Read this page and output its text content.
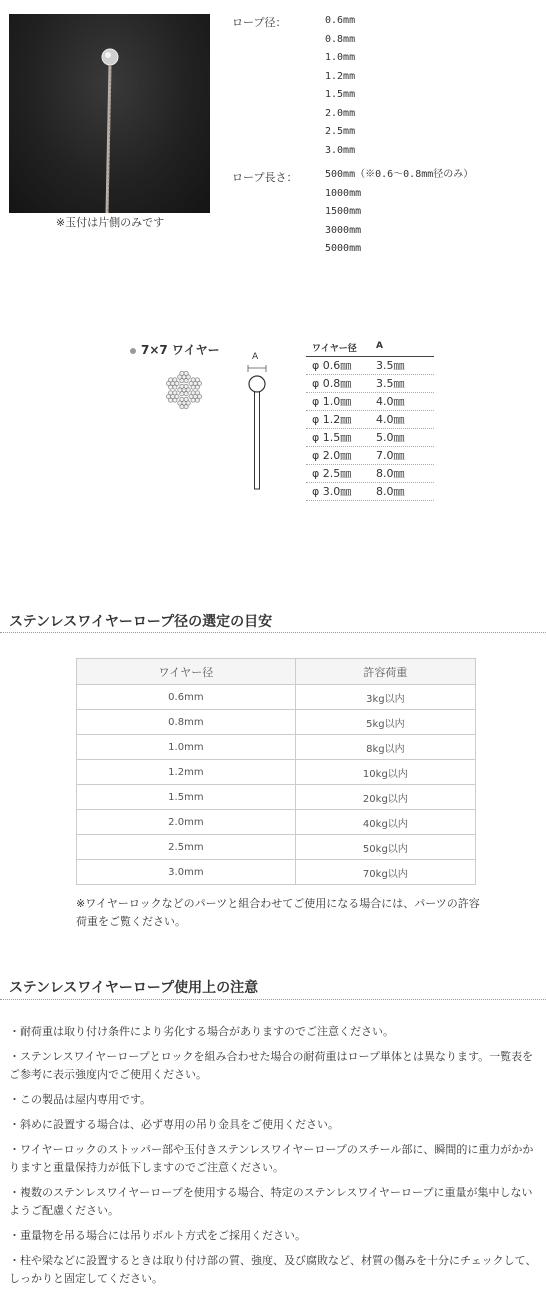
※玉付は片側のみです
ロープ径：	0.6mm
0.8mm
1.0mm
1.2mm
1.5mm
2.0mm
2.5mm
3.0mm
ロープ長さ：	500mm（※0.6～0.8mm径のみ）
1000mm
1500mm
3000mm
5000mm
7×7 ワイヤー	A
ワイヤー径	A
φ 0.6㎜	3.5㎜
φ 0.8㎜	3.5㎜
φ 1.0㎜	4.0㎜
φ 1.2㎜	4.0㎜
φ 1.5㎜	5.0㎜
φ 2.0㎜	7.0㎜
φ 2.5㎜	8.0㎜
φ 3.0㎜	8.0㎜
ステンレスワイヤーロープ径の選定の目安
ワイヤー径	許容荷重
0.6mm	3kg以内
0.8mm	5kg以内
1.0mm	8kg以内
1.2mm	10kg以内
1.5mm	20kg以内
2.0mm	40kg以内
2.5mm	50kg以内
3.0mm	70kg以内
※ワイヤーロックなどのパーツと組合わせてご使用になる場合には、パーツの許容荷重をご覧ください。
ステンレスワイヤーロープ使用上の注意
・耐荷重は取り付け条件により劣化する場合がありますのでご注意ください。
・ステンレスワイヤーロープとロックを組み合わせた場合の耐荷重はロープ単体とは異なります。一覧表をご参考に表示強度内でご使用ください。
・この製品は屋内専用です。
・斜めに設置する場合は、必ず専用の吊り金具をご使用ください。
・ワイヤーロックのストッパー部や玉付きステンレスワイヤーロープのスチール部に、瞬間的に重力がかかりますと重量保持力が低下しますのでご注意ください。
・複数のステンレスワイヤーロープを使用する場合、特定のステンレスワイヤーロープに重量が集中しないようご配慮ください。
・重量物を吊る場合には吊りボルト方式をご採用ください。
・柱や梁などに設置するときは取り付け部の質、強度、及び腐敗など、材質の傷みを十分にチェックして、しっかりと固定してください。
